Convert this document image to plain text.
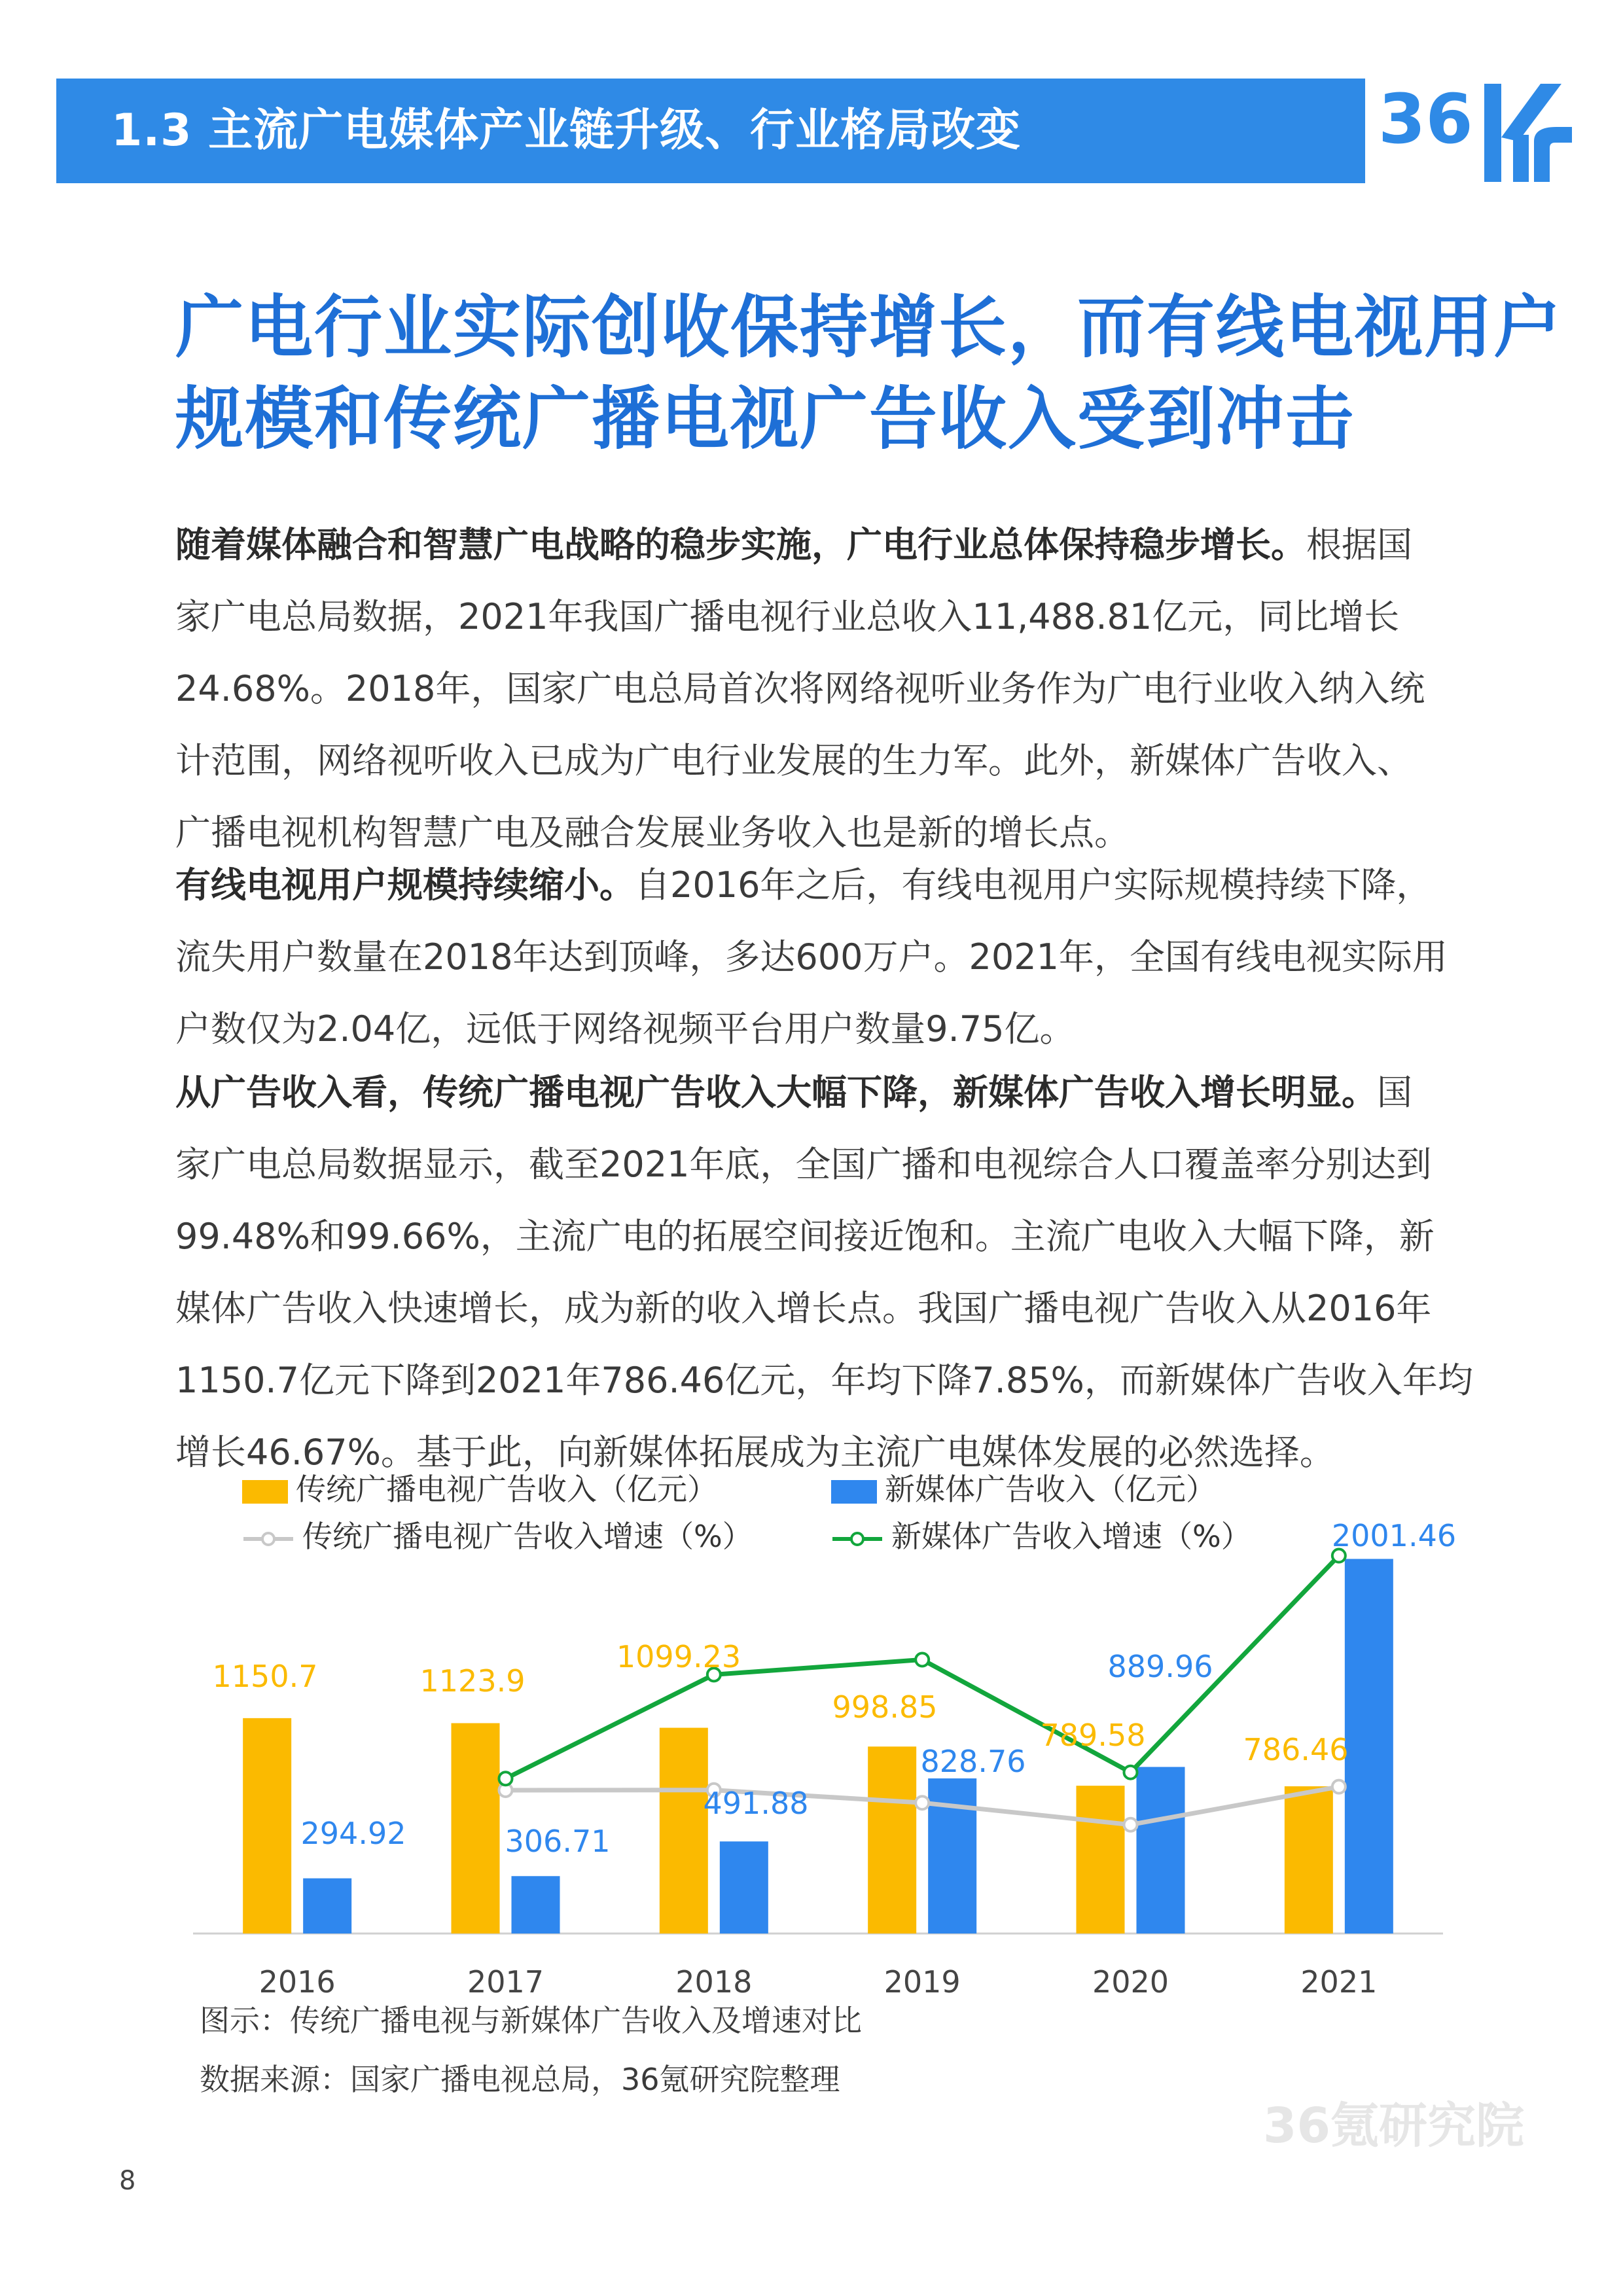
1.3 主流广电媒体产业链升级、行业格局改变	36
广电行业实际创收保持增长，而有线电视用户
规模和传统广播电视广告收入受到冲击
随着媒体融合和智慧广电战略的稳步实施，广电行业总体保持稳步增长。根据国
家广电总局数据，2021年我国广播电视行业总收入11,488.81亿元，同比增长
24.68%。2018年，国家广电总局首次将网络视听业务作为广电行业收入纳入统
计范围，网络视听收入已成为广电行业发展的生力军。此外，新媒体广告收入、
广播电视机构智慧广电及融合发展业务收入也是新的增长点。
有线电视用户规模持续缩小。自2016年之后，有线电视用户实际规模持续下降，
流失用户数量在2018年达到顶峰，多达600万户。2021年，全国有线电视实际用
户数仅为2.04亿，远低于网络视频平台用户数量9.75亿。
从广告收入看，传统广播电视广告收入大幅下降，新媒体广告收入增长明显。国
家广电总局数据显示，截至2021年底，全国广播和电视综合人口覆盖率分别达到
99.48%和99.66%，主流广电的拓展空间接近饱和。主流广电收入大幅下降，新
媒体广告收入快速增长，成为新的收入增长点。我国广播电视广告收入从2016年
1150.7亿元下降到2021年786.46亿元，年均下降7.85%，而新媒体广告收入年均
增长46.67%。基于此，向新媒体拓展成为主流广电媒体发展的必然选择。
传统广播电视广告收入（亿元）	新媒体广告收入（亿元）
传统广播电视广告收入增速（%）	新媒体广告收入增速（%）
2016	2017	2018	2019	2020	2021
1150.7	1123.9
1099.23
998.85
789.58	786.46
294.92	306.71
491.88
828.76
889.96
2001.46
图示：传统广播电视与新媒体广告收入及增速对比
数据来源：国家广播电视总局，36氪研究院整理
36氪研究院
8
